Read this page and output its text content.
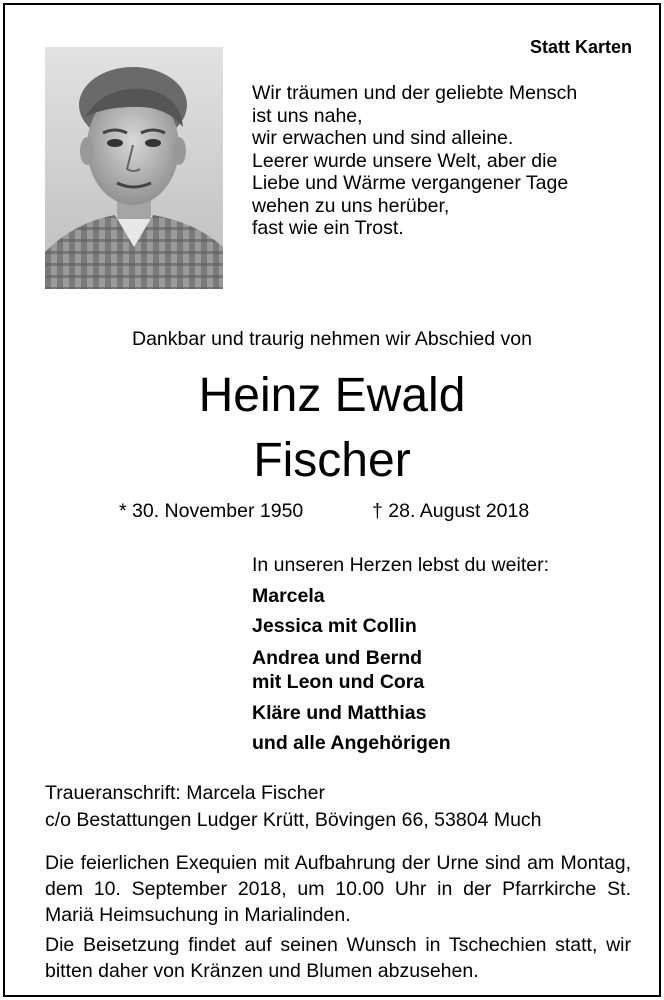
Statt Karten
Wir träumen und der geliebte Mensch
ist uns nahe,
wir erwachen und sind alleine.
Leerer wurde unsere Welt, aber die
Liebe und Wärme vergangener Tage
wehen zu uns herüber,
fast wie ein Trost.
Dankbar und traurig nehmen wir Abschied von
Heinz Ewald
Fischer
* 30. November 1950	† 28. August 2018
In unseren Herzen lebst du weiter:
Marcela
Jessica mit Collin
Andrea und Bernd
mit Leon und Cora
Kläre und Matthias
und alle Angehörigen
Traueranschrift: Marcela Fischer
c/o Bestattungen Ludger Krütt, Bövingen 66, 53804 Much

Die feierlichen Exequien mit Aufbahrung der Urne sind am Montag, dem 10. September 2018, um 10.00 Uhr in der Pfarrkirche St. Mariä Heimsuchung in Marialinden.

Die Beisetzung findet auf seinen Wunsch in Tschechien statt, wir bitten daher von Kränzen und Blumen abzusehen.
